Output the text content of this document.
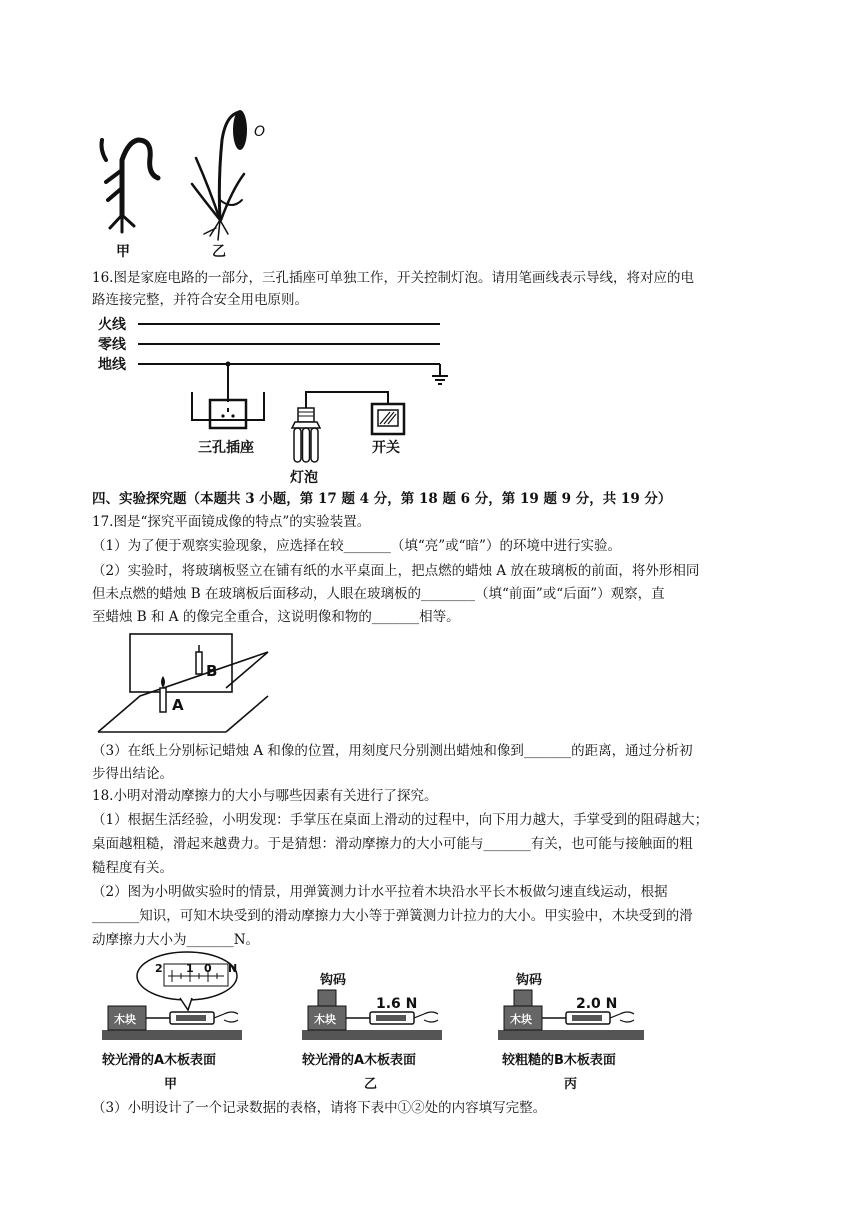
O
甲	乙
16.图是家庭电路的一部分，三孔插座可单独工作，开关控制灯泡。请用笔画线表示导线，将对应的电
路连接完整，并符合安全用电原则。
火线
零线
地线
三孔插座
灯泡
开关
四、实验探究题（本题共 3 小题，第 17 题 4 分，第 18 题 6 分，第 19 题 9 分，共 19 分）
17.图是“探究平面镜成像的特点”的实验装置。
（1）为了便于观察实验现象，应选择在较_______（填“亮”或“暗”）的环境中进行实验。
（2）实验时，将玻璃板竖立在铺有纸的水平桌面上，把点燃的蜡烛 A 放在玻璃板的前面，将外形相同
但未点燃的蜡烛 B 在玻璃板后面移动，人眼在玻璃板的________（填“前面”或“后面”）观察，直
至蜡烛 B 和 A 的像完全重合，这说明像和物的_______相等。
B
A
（3）在纸上分别标记蜡烛 A 和像的位置，用刻度尺分别测出蜡烛和像到_______的距离，通过分析初
步得出结论。
18.小明对滑动摩擦力的大小与哪些因素有关进行了探究。
（1）根据生活经验，小明发现：手掌压在桌面上滑动的过程中，向下用力越大，手掌受到的阻碍越大；
桌面越粗糙，滑起来越费力。于是猜想：滑动摩擦力的大小可能与_______有关，也可能与接触面的粗
糙程度有关。
（2）图为小明做实验时的情景，用弹簧测力计水平拉着木块沿水平长木板做匀速直线运动，根据
_______知识，可知木块受到的滑动摩擦力大小等于弹簧测力计拉力的大小。甲实验中，木块受到的滑
动摩擦力大小为_______N。
2 1 0 N
木块
钩码
木块
1.6 N
钩码
木块
2.0 N
较光滑的A木板表面	较光滑的A木板表面	较粗糙的B木板表面
甲	乙	丙
（3）小明设计了一个记录数据的表格，请将下表中①②处的内容填写完整。
